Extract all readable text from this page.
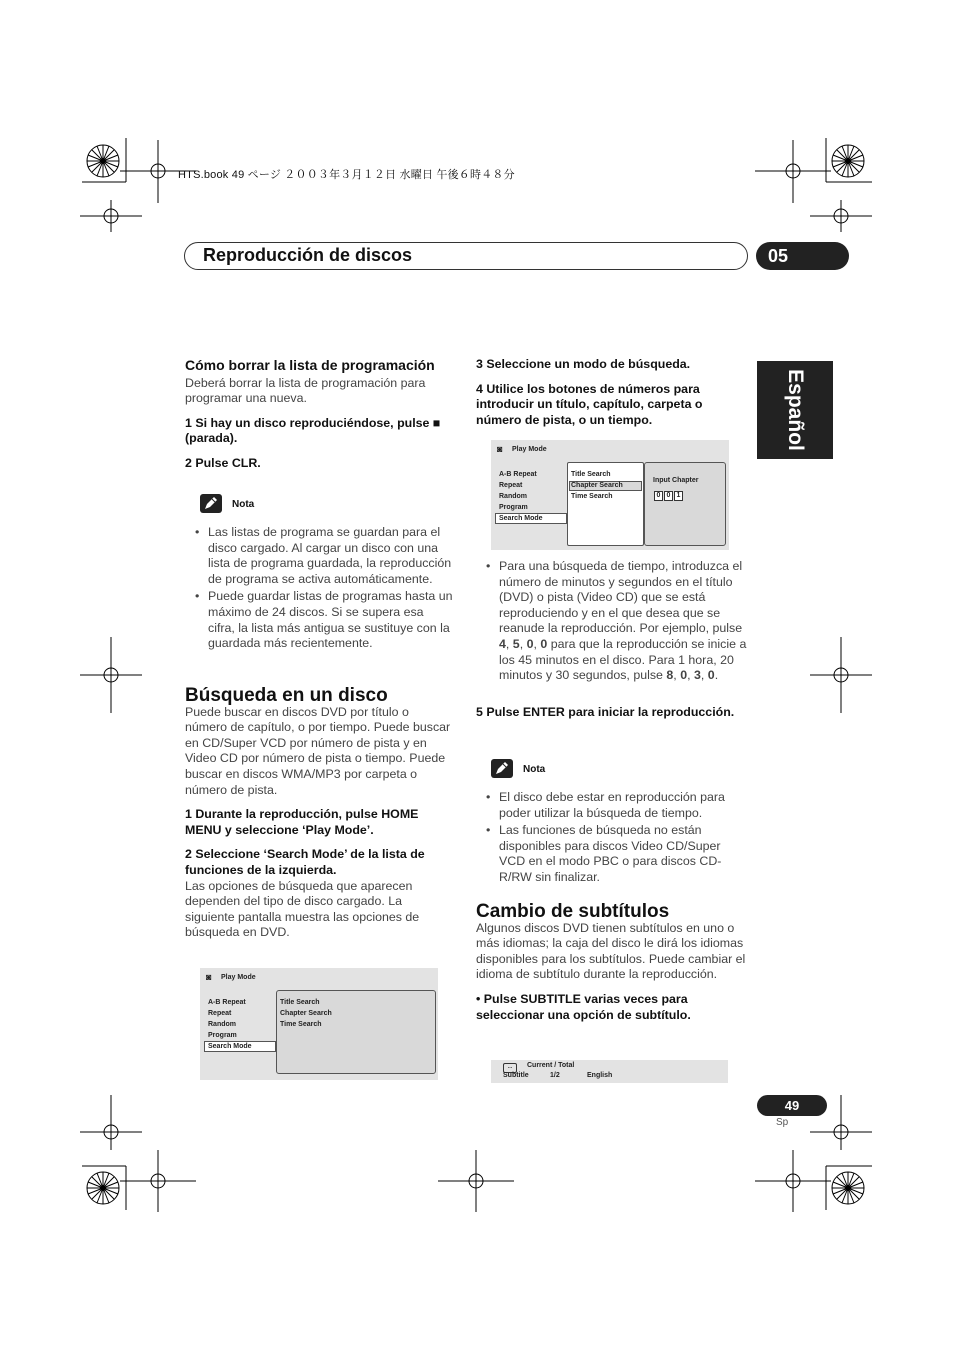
HTS.book 49 ページ ２００３年３月１２日 水曜日 午後６時４８分
Reproducción de discos	05
Español
Cómo borrar la lista de programación
Deberá borrar la lista de programación para programar una nueva.
1 Si hay un disco reproduciéndose, pulse ■ (parada).
2 Pulse CLR.
Nota
• Las listas de programa se guardan para el disco cargado. Al cargar un disco con una lista de programa guardada, la reproducción de programa se activa automáticamente.
• Puede guardar listas de programas hasta un máximo de 24 discos. Si se supera esa cifra, la lista más antigua se sustituye con la guardada más recientemente.
Búsqueda en un disco
Puede buscar en discos DVD por título o número de capítulo, o por tiempo. Puede buscar en CD/Super VCD por número de pista y en Video CD por número de pista o tiempo. Puede buscar en discos WMA/MP3 por carpeta o número de pista.
1 Durante la reproducción, pulse HOME MENU y seleccione ‘Play Mode’.
2 Seleccione ‘Search Mode’ de la lista de funciones de la izquierda.
Las opciones de búsqueda que aparecen dependen del tipo de disco cargado. La siguiente pantalla muestra las opciones de búsqueda en DVD.
◙ Play Mode
A-B Repeat
Repeat
Random
Program
Search Mode
Title Search
Chapter Search
Time Search
3 Seleccione un modo de búsqueda.
4 Utilice los botones de números para introducir un título, capítulo, carpeta o número de pista, o un tiempo.
◙ Play Mode
A-B Repeat
Repeat
Random
Program
Search Mode
Title Search
Chapter Search
Time Search
Input Chapter
0 0 1
• Para una búsqueda de tiempo, introduzca el número de minutos y segundos en el título (DVD) o pista (Video CD) que se está reproduciendo y en el que desea que se reanude la reproducción. Por ejemplo, pulse 4, 5, 0, 0 para que la reproducción se inicie a los 45 minutos en el disco. Para 1 hora, 20 minutos y 30 segundos, pulse 8, 0, 3, 0.
5 Pulse ENTER para iniciar la reproducción.
Nota
• El disco debe estar en reproducción para poder utilizar la búsqueda de tiempo.
• Las funciones de búsqueda no están disponibles para discos Video CD/Super VCD en el modo PBC o para discos CD-R/RW sin finalizar.
Cambio de subtítulos
Algunos discos DVD tienen subtítulos en uno o más idiomas; la caja del disco le dirá los idiomas disponibles para los subtítulos. Puede cambiar el idioma de subtítulo durante la reproducción.
• Pulse SUBTITLE varias veces para seleccionar una opción de subtítulo.
…	Current / Total
Subtitle	1/2	English
49
Sp
